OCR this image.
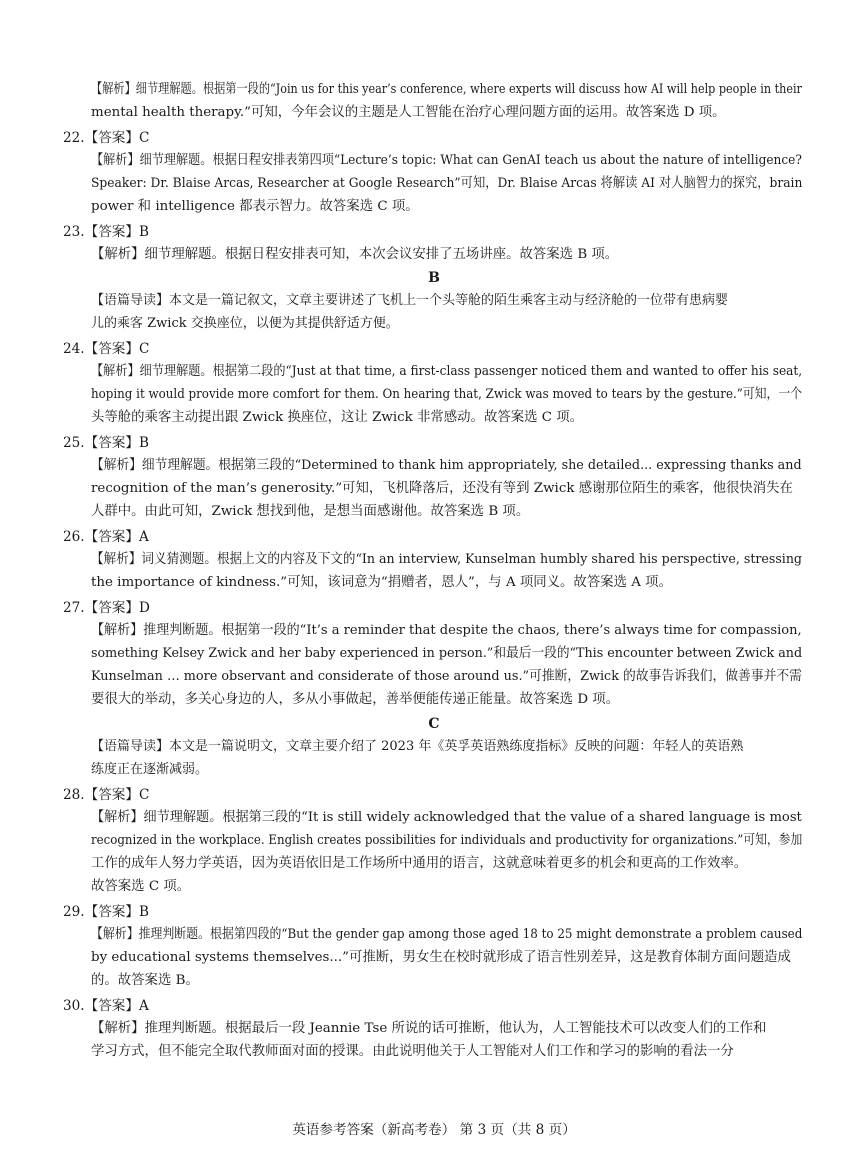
【解析】细节理解题。根据第一段的“Join us for this year’s conference, where experts will discuss how AI will help people in their
mental health therapy.”可知，今年会议的主题是人工智能在治疗心理问题方面的运用。故答案选 D 项。
22.【答案】C
【解析】细节理解题。根据日程安排表第四项“Lecture’s topic: What can GenAI teach us about the nature of intelligence?
Speaker: Dr. Blaise Arcas, Researcher at Google Research”可知，Dr. Blaise Arcas 将解读 AI 对人脑智力的探究，brain
power 和 intelligence 都表示智力。故答案选 C 项。
23.【答案】B
【解析】细节理解题。根据日程安排表可知，本次会议安排了五场讲座。故答案选 B 项。
B
【语篇导读】本文是一篇记叙文，文章主要讲述了飞机上一个头等舱的陌生乘客主动与经济舱的一位带有患病婴
儿的乘客 Zwick 交换座位，以便为其提供舒适方便。
24.【答案】C
【解析】细节理解题。根据第二段的“Just at that time, a first-class passenger noticed them and wanted to offer his seat,
hoping it would provide more comfort for them. On hearing that, Zwick was moved to tears by the gesture.”可知，一个
头等舱的乘客主动提出跟 Zwick 换座位，这让 Zwick 非常感动。故答案选 C 项。
25.【答案】B
【解析】细节理解题。根据第三段的“Determined to thank him appropriately, she detailed... expressing thanks and
recognition of the man’s generosity.”可知，飞机降落后，还没有等到 Zwick 感谢那位陌生的乘客，他很快消失在
人群中。由此可知，Zwick 想找到他，是想当面感谢他。故答案选 B 项。
26.【答案】A
【解析】词义猜测题。根据上文的内容及下文的“In an interview, Kunselman humbly shared his perspective, stressing
the importance of kindness.”可知，该词意为“捐赠者，恩人”，与 A 项同义。故答案选 A 项。
27.【答案】D
【解析】推理判断题。根据第一段的“It’s a reminder that despite the chaos, there’s always time for compassion,
something Kelsey Zwick and her baby experienced in person.”和最后一段的“This encounter between Zwick and
Kunselman … more observant and considerate of those around us.”可推断，Zwick 的故事告诉我们，做善事并不需
要很大的举动，多关心身边的人，多从小事做起，善举便能传递正能量。故答案选 D 项。
C
【语篇导读】本文是一篇说明文，文章主要介绍了 2023 年《英孚英语熟练度指标》反映的问题：年轻人的英语熟
练度正在逐渐减弱。
28.【答案】C
【解析】细节理解题。根据第三段的“It is still widely acknowledged that the value of a shared language is most
recognized in the workplace. English creates possibilities for individuals and productivity for organizations.”可知，参加
工作的成年人努力学英语，因为英语依旧是工作场所中通用的语言，这就意味着更多的机会和更高的工作效率。
故答案选 C 项。
29.【答案】B
【解析】推理判断题。根据第四段的“But the gender gap among those aged 18 to 25 might demonstrate a problem caused
by educational systems themselves...”可推断，男女生在校时就形成了语言性别差异，这是教育体制方面问题造成
的。故答案选 B。
30.【答案】A
【解析】推理判断题。根据最后一段 Jeannie Tse 所说的话可推断，他认为，人工智能技术可以改变人们的工作和
学习方式，但不能完全取代教师面对面的授课。由此说明他关于人工智能对人们工作和学习的影响的看法一分
英语参考答案（新高考卷） 第 3 页（共 8 页）
